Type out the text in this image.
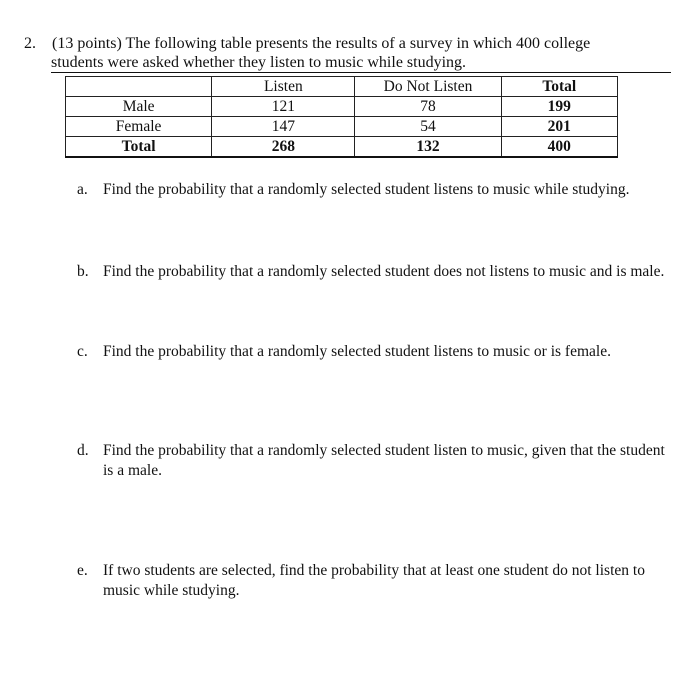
2. (13 points) The following table presents the results of a survey in which 400 college
students were asked whether they listen to music while studying.
	Listen	Do Not Listen	Total
Male	121	78	199
Female	147	54	201
Total	268	132	400
a. Find the probability that a randomly selected student listens to music while studying.
b. Find the probability that a randomly selected student does not listens to music and is male.
c. Find the probability that a randomly selected student listens to music or is female.
d. Find the probability that a randomly selected student listen to music, given that the student is a male.
e. If two students are selected, find the probability that at least one student do not listen to music while studying.
